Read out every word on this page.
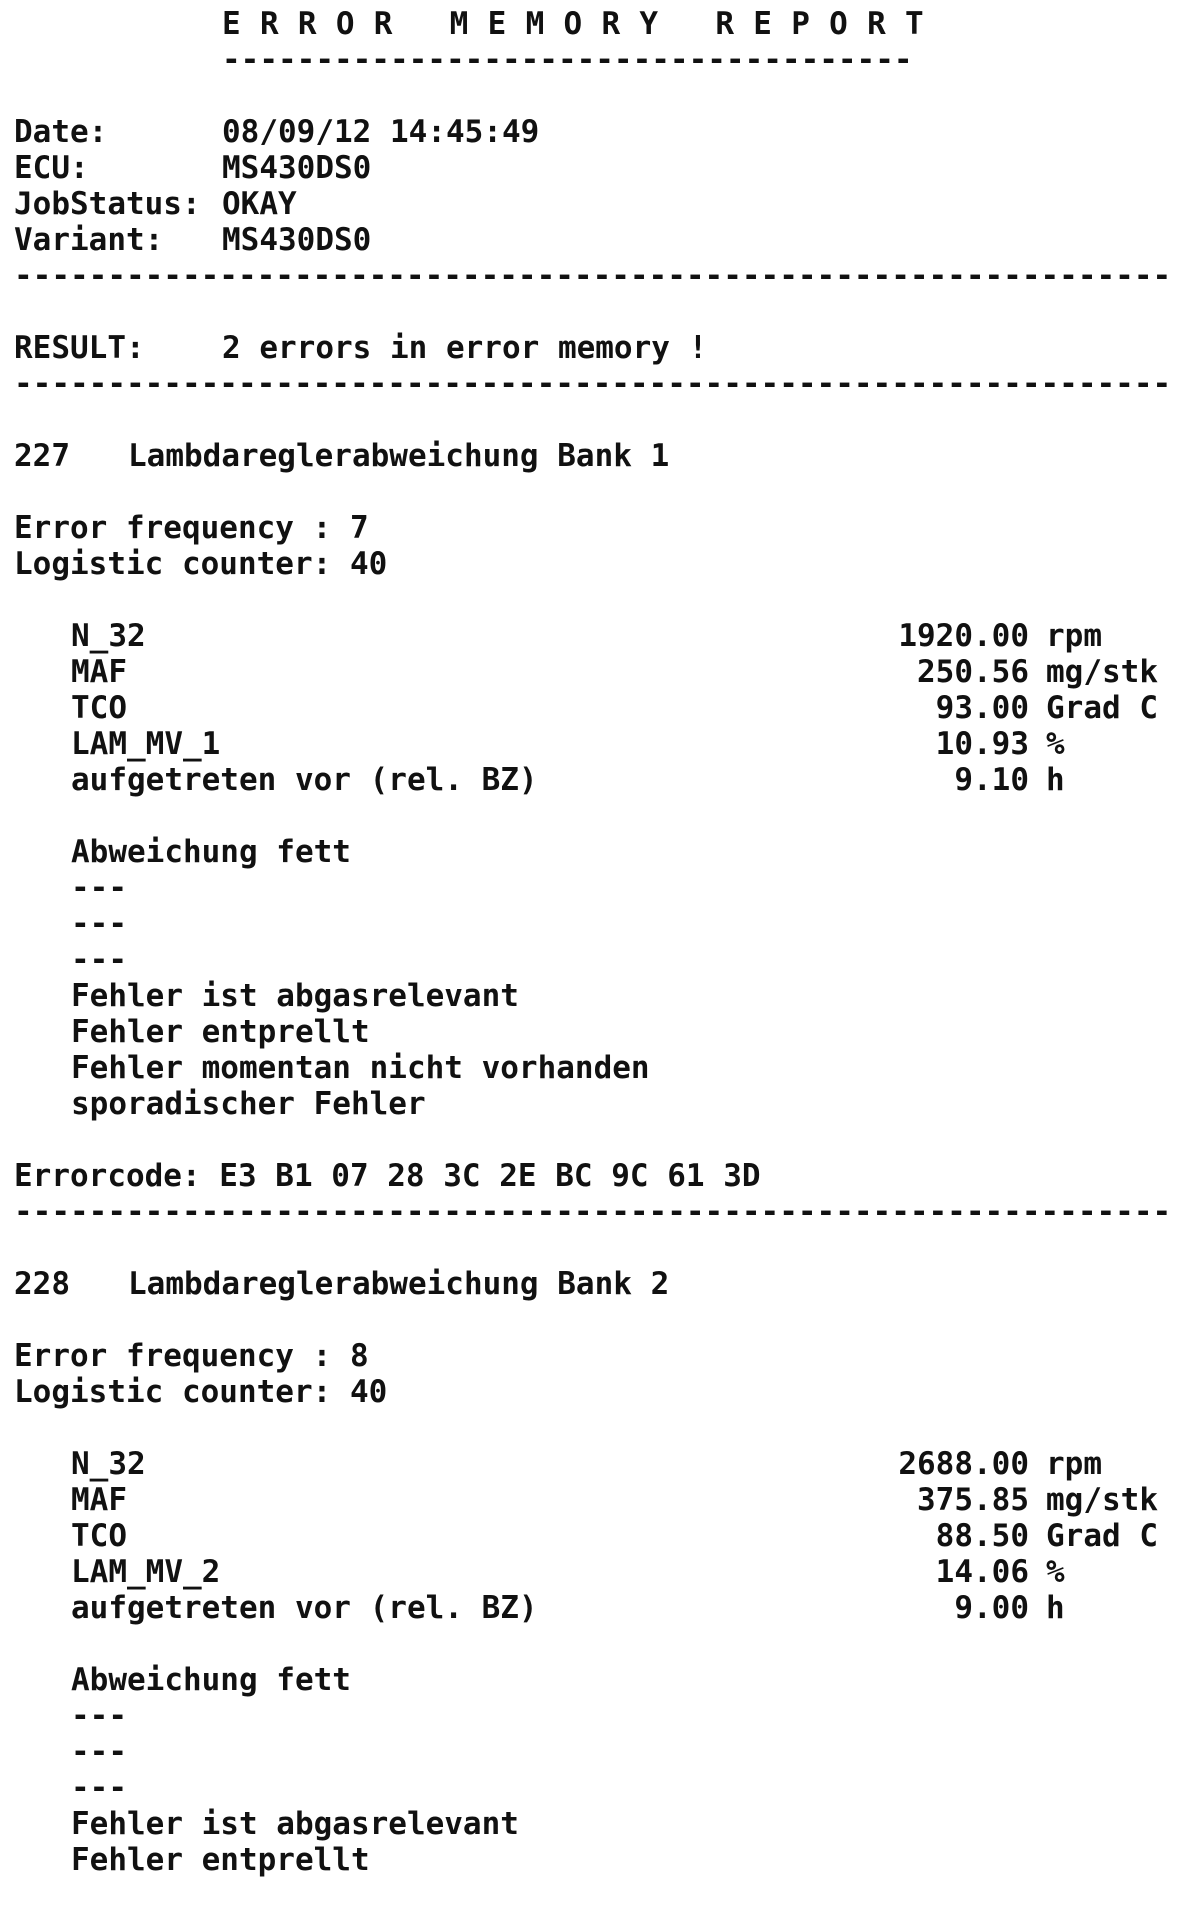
E R R O R   M E M O R Y   R E P O R T
-------------------------------------
Date:	08/09/12 14:45:49
ECU:	MS430DS0
JobStatus: OKAY
Variant: MS430DS0
--------------------------------------------------------------
RESULT: 2 errors in error memory !
--------------------------------------------------------------
227 Lambdareglerabweichung Bank 1
Error frequency : 7
Logistic counter: 40
N_32	1920.00 rpm
MAF	250.56 mg/stk
TCO	93.00 Grad C
LAM_MV_1	10.93 %
aufgetreten vor (rel. BZ)	9.10 h
Abweichung fett
---
---
---
Fehler ist abgasrelevant
Fehler entprellt
Fehler momentan nicht vorhanden
sporadischer Fehler
Errorcode: E3 B1 07 28 3C 2E BC 9C 61 3D
--------------------------------------------------------------
228 Lambdareglerabweichung Bank 2
Error frequency : 8
Logistic counter: 40
N_32	2688.00 rpm
MAF	375.85 mg/stk
TCO	88.50 Grad C
LAM_MV_2	14.06 %
aufgetreten vor (rel. BZ)	9.00 h
Abweichung fett
---
---
---
Fehler ist abgasrelevant
Fehler entprellt
